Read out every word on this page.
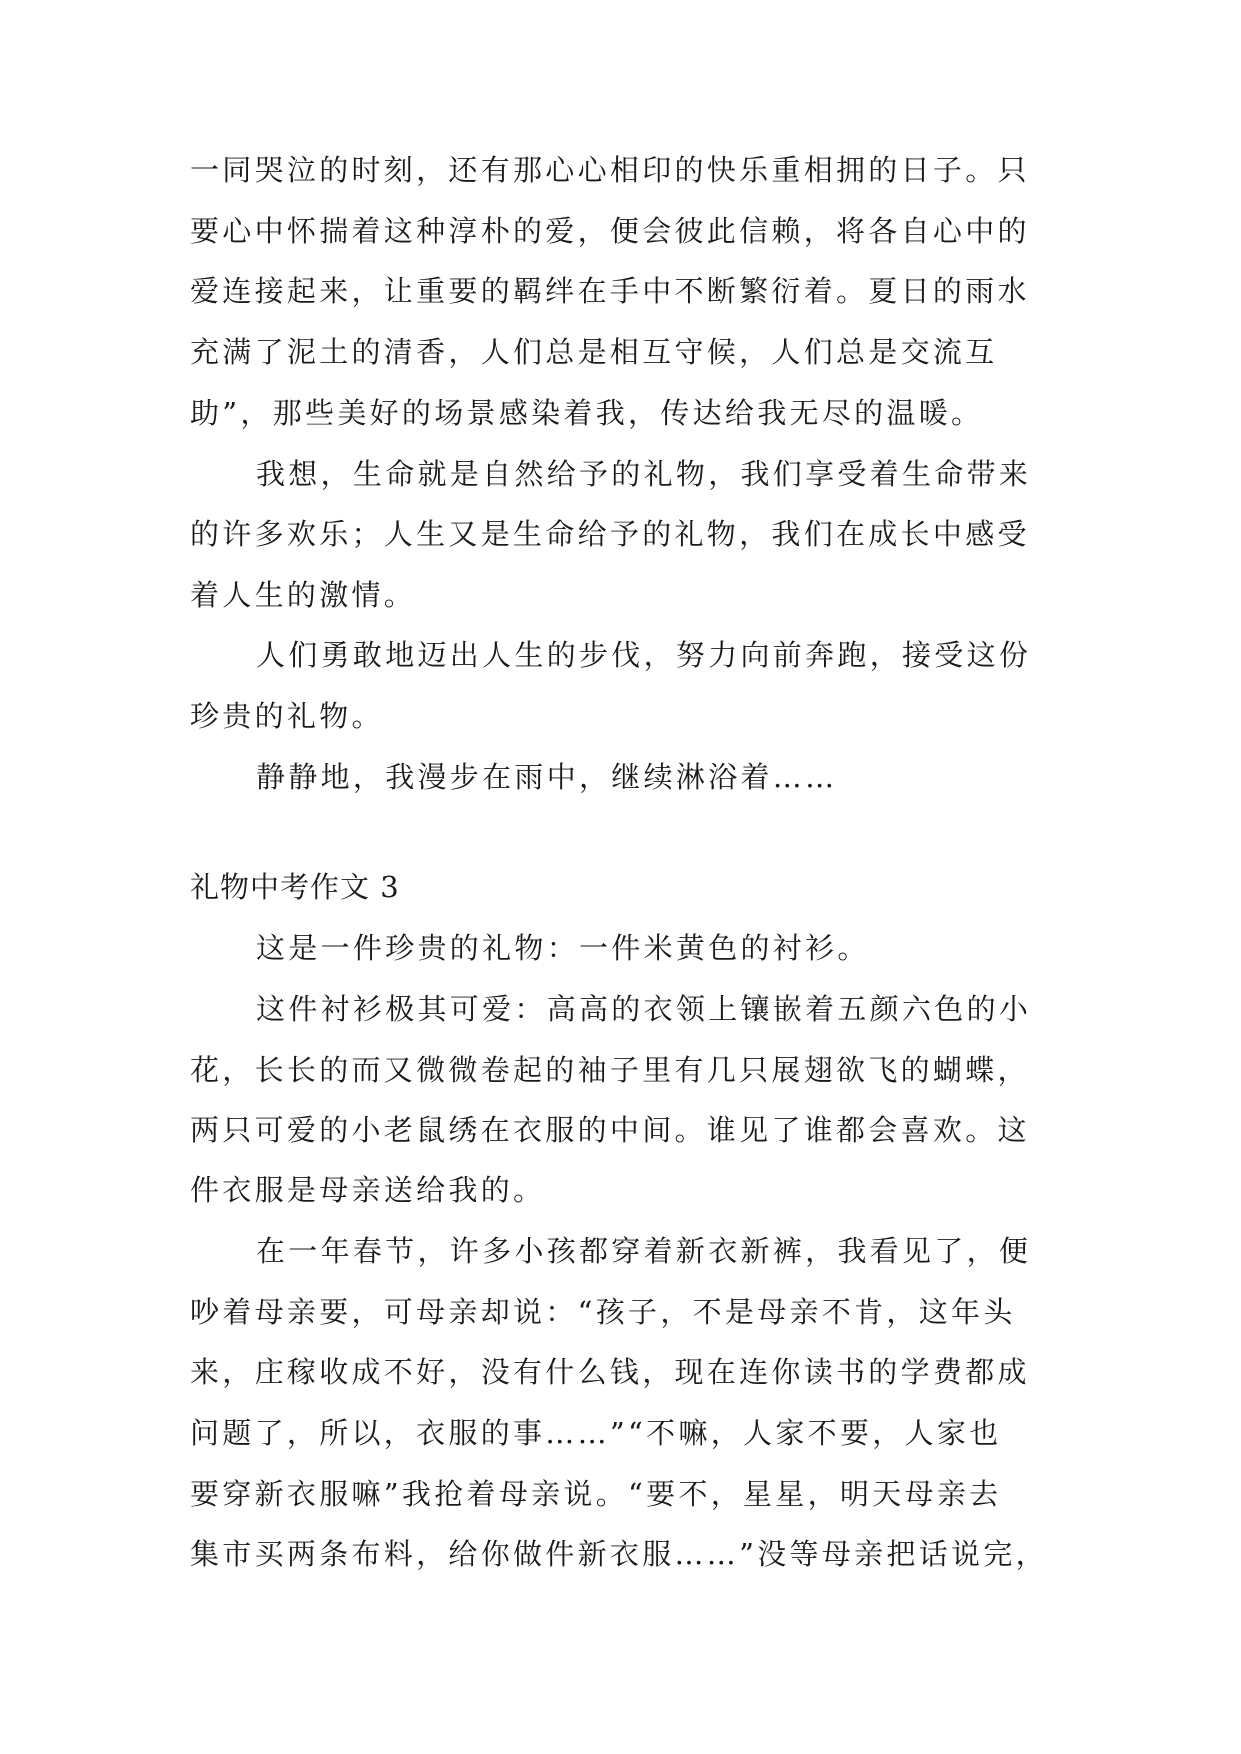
一同哭泣的时刻，还有那心心相印的快乐重相拥的日子。只
要心中怀揣着这种淳朴的爱，便会彼此信赖，将各自心中的
爱连接起来，让重要的羁绊在手中不断繁衍着。夏日的雨水
充满了泥土的清香，人们总是相互守候，人们总是交流互
助”，那些美好的场景感染着我，传达给我无尽的温暖。
我想，生命就是自然给予的礼物，我们享受着生命带来
的许多欢乐；人生又是生命给予的礼物，我们在成长中感受
着人生的激情。
人们勇敢地迈出人生的步伐，努力向前奔跑，接受这份
珍贵的礼物。
静静地，我漫步在雨中，继续淋浴着……
礼物中考作文 3
这是一件珍贵的礼物：一件米黄色的衬衫。
这件衬衫极其可爱：高高的衣领上镶嵌着五颜六色的小
花，长长的而又微微卷起的袖子里有几只展翅欲飞的蝴蝶，
两只可爱的小老鼠绣在衣服的中间。谁见了谁都会喜欢。这
件衣服是母亲送给我的。
在一年春节，许多小孩都穿着新衣新裤，我看见了，便
吵着母亲要，可母亲却说：“孩子，不是母亲不肯，这年头
来，庄稼收成不好，没有什么钱，现在连你读书的学费都成
问题了，所以，衣服的事……”“不嘛，人家不要，人家也
要穿新衣服嘛”我抢着母亲说。“要不，星星，明天母亲去
集市买两条布料，给你做件新衣服……”没等母亲把话说完，
